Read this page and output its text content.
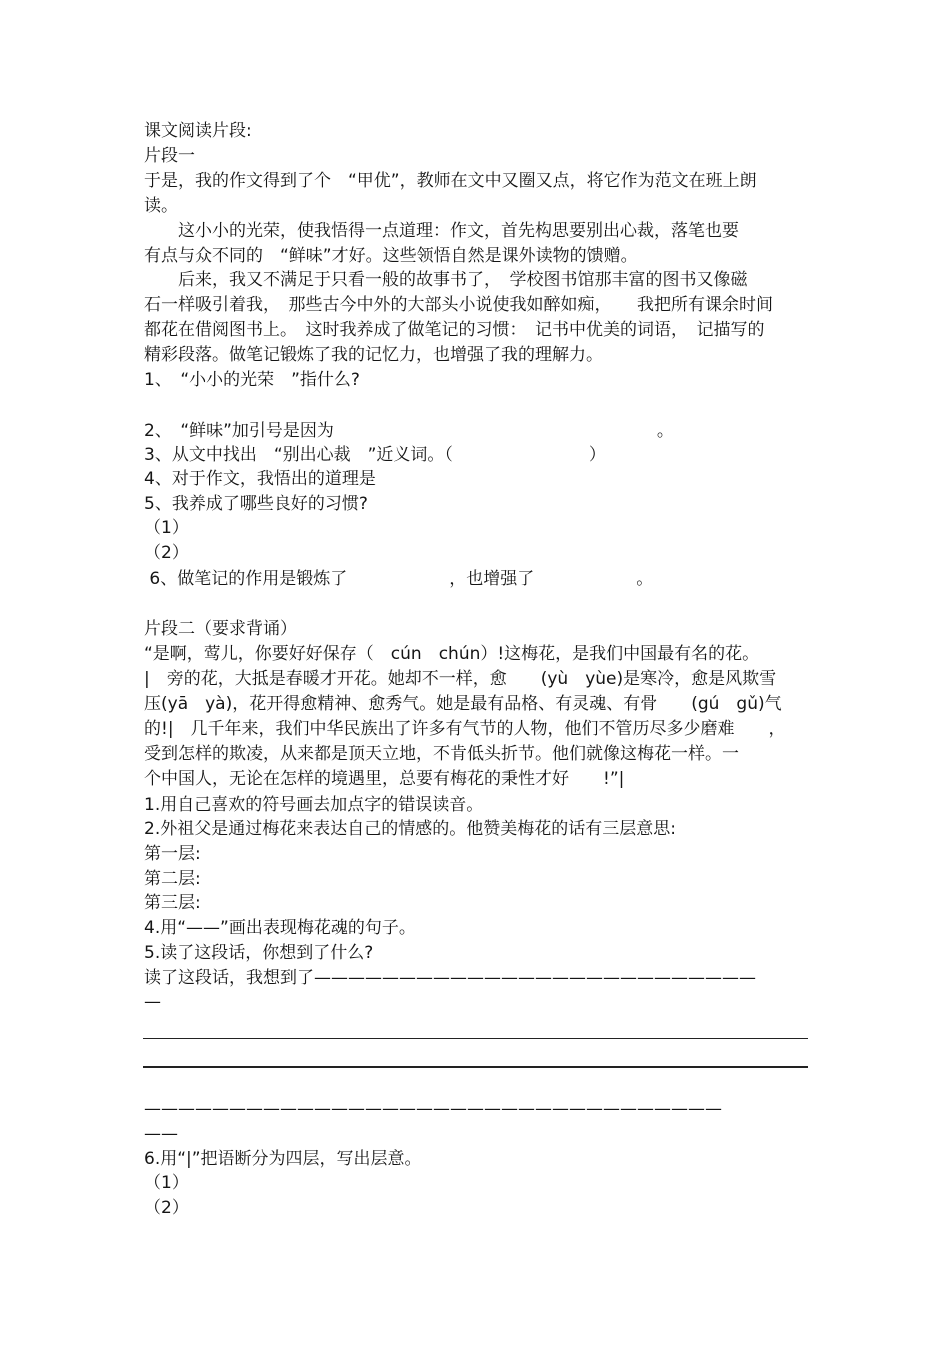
课文阅读片段:
片段一
于是，我的作文得到了个　“甲优”，教师在文中又圈又点，将它作为范文在班上朗
读。
　　这小小的光荣，使我悟得一点道理：作文，首先构思要别出心裁，落笔也要
有点与众不同的　“鲜味”才好。这些领悟自然是课外读物的馈赠。
　　后来，我又不满足于只看一般的故事书了，　学校图书馆那丰富的图书又像磁
石一样吸引着我，　那些古今中外的大部头小说使我如醉如痴，　　我把所有课余时间
都花在借阅图书上。　这时我养成了做笔记的习惯：　记书中优美的词语，　记描写的
精彩段落。做笔记锻炼了我的记忆力，也增强了我的理解力。
1、　“小小的光荣　”指什么?
2、　“鲜味”加引号是因为　　　　　　　　　　　　　　　　　　　。
3、从文中找出　“别出心裁　”近义词。（　　　　　　　　）
4、对于作文，我悟出的道理是
5、我养成了哪些良好的习惯?
（1）
（2）
6、做笔记的作用是锻炼了　　　　　　，也增强了　　　　　　。
片段二（要求背诵）
“是啊，莺儿，你要好好保存（　cún　chún）!这梅花，是我们中国最有名的花。
|　旁的花，大抵是春暖才开花。她却不一样，愈　　(yù　yùe)是寒冷，愈是风欺雪
压(yā　yà)，花开得愈精神、愈秀气。她是最有品格、有灵魂、有骨　　(gú　gǔ)气
的!|　几千年来，我们中华民族出了许多有气节的人物，他们不管历尽多少磨难　　，
受到怎样的欺凌，从来都是顶天立地，不肯低头折节。他们就像这梅花一样。一
个中国人，无论在怎样的境遇里，总要有梅花的秉性才好　　!”|
1.用自己喜欢的符号画去加点字的错误读音。
2.外祖父是通过梅花来表达自己的情感的。他赞美梅花的话有三层意思:
第一层:
第二层:
第三层:
4.用“——”画出表现梅花魂的句子。
5.读了这段话，你想到了什么?
读了这段话，我想到了——————————————————————————
—
——————————————————————————————————
——
6.用“|”把语断分为四层，写出层意。
（1）
（2）
